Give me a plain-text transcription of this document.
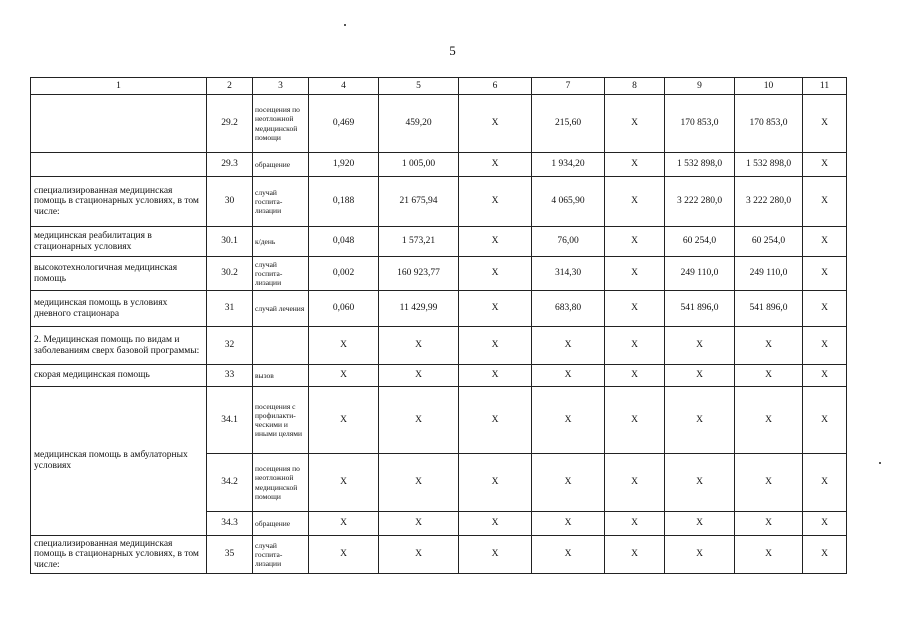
5
1	2	3	4	5	6	7	8	9	10	11
	29.2	посещения по неотложной медицинской помощи	0,469	459,20	X	215,60	X	170 853,0	170 853,0	X
	29.3	обращение	1,920	1 005,00	X	1 934,20	X	1 532 898,0	1 532 898,0	X
специализированная медицинская помощь в стационарных условиях, в том числе:	30	случай госпита-лизации	0,188	21 675,94	X	4 065,90	X	3 222 280,0	3 222 280,0	X
медицинская реабилитация в стационарных условиях	30.1	к/день	0,048	1 573,21	X	76,00	X	60 254,0	60 254,0	X
высокотехнологичная медицинская помощь	30.2	случай госпита-лизации	0,002	160 923,77	X	314,30	X	249 110,0	249 110,0	X
медицинская помощь в условиях дневного стационара	31	случай лечения	0,060	11 429,99	X	683,80	X	541 896,0	541 896,0	X
2. Медицинская помощь по видам и заболеваниям сверх базовой программы:	32		X	X	X	X	X	X	X	X
скорая медицинская помощь	33	вызов	X	X	X	X	X	X	X	X
медицинская помощь в амбулаторных условиях	34.1	посещения с профилакти-ческими и иными целями	X	X	X	X	X	X	X	X
	34.2	посещения по неотложной медицинской помощи	X	X	X	X	X	X	X	X
	34.3	обращение	X	X	X	X	X	X	X	X
специализированная медицинская помощь в стационарных условиях, в том числе:	35	случай госпита-лизации	X	X	X	X	X	X	X	X
